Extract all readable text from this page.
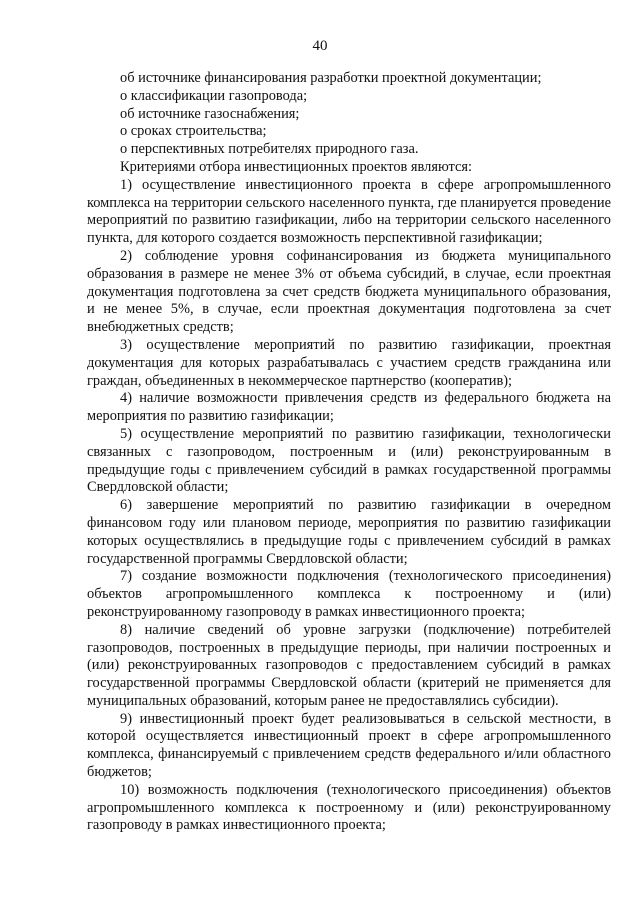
40

об источнике финансирования разработки проектной документации;

о классификации газопровода;

об источнике газоснабжения;

о сроках строительства;

о перспективных потребителях природного газа.

Критериями отбора инвестиционных проектов являются:

1) осуществление инвестиционного проекта в сфере агропромышленного комплекса на территории сельского населенного пункта, где планируется проведение мероприятий по развитию газификации, либо на территории сельского населенного пункта, для которого создается возможность перспективной газификации;

2) соблюдение уровня софинансирования из бюджета муниципального образования в размере не менее 3% от объема субсидий, в случае, если проектная документация подготовлена за счет средств бюджета муниципального образования, и не менее 5%, в случае, если проектная документация подготовлена за счет внебюджетных средств;

3) осуществление мероприятий по развитию газификации, проектная документация для которых разрабатывалась с участием средств гражданина или граждан, объединенных в некоммерческое партнерство (кооператив);

4) наличие возможности привлечения средств из федерального бюджета на мероприятия по развитию газификации;

5) осуществление мероприятий по развитию газификации, технологически связанных с газопроводом, построенным и (или) реконструированным в предыдущие годы с привлечением субсидий в рамках государственной программы Свердловской области;

6) завершение мероприятий по развитию газификации в очередном финансовом году или плановом периоде, мероприятия по развитию газификации которых осуществлялись в предыдущие годы с привлечением субсидий в рамках государственной программы Свердловской области;

7) создание возможности подключения (технологического присоединения) объектов агропромышленного комплекса к построенному и (или) реконструированному газопроводу в рамках инвестиционного проекта;

8) наличие сведений об уровне загрузки (подключение) потребителей газопроводов, построенных в предыдущие периоды, при наличии построенных и (или) реконструированных газопроводов с предоставлением субсидий в рамках государственной программы Свердловской области (критерий не применяется для муниципальных образований, которым ранее не предоставлялись субсидии).

9) инвестиционный проект будет реализовываться в сельской местности, в которой осуществляется инвестиционный проект в сфере агропромышленного комплекса, финансируемый с привлечением средств федерального и/или областного бюджетов;

10) возможность подключения (технологического присоединения) объектов агропромышленного комплекса к построенному и (или) реконструированному газопроводу в рамках инвестиционного проекта;
